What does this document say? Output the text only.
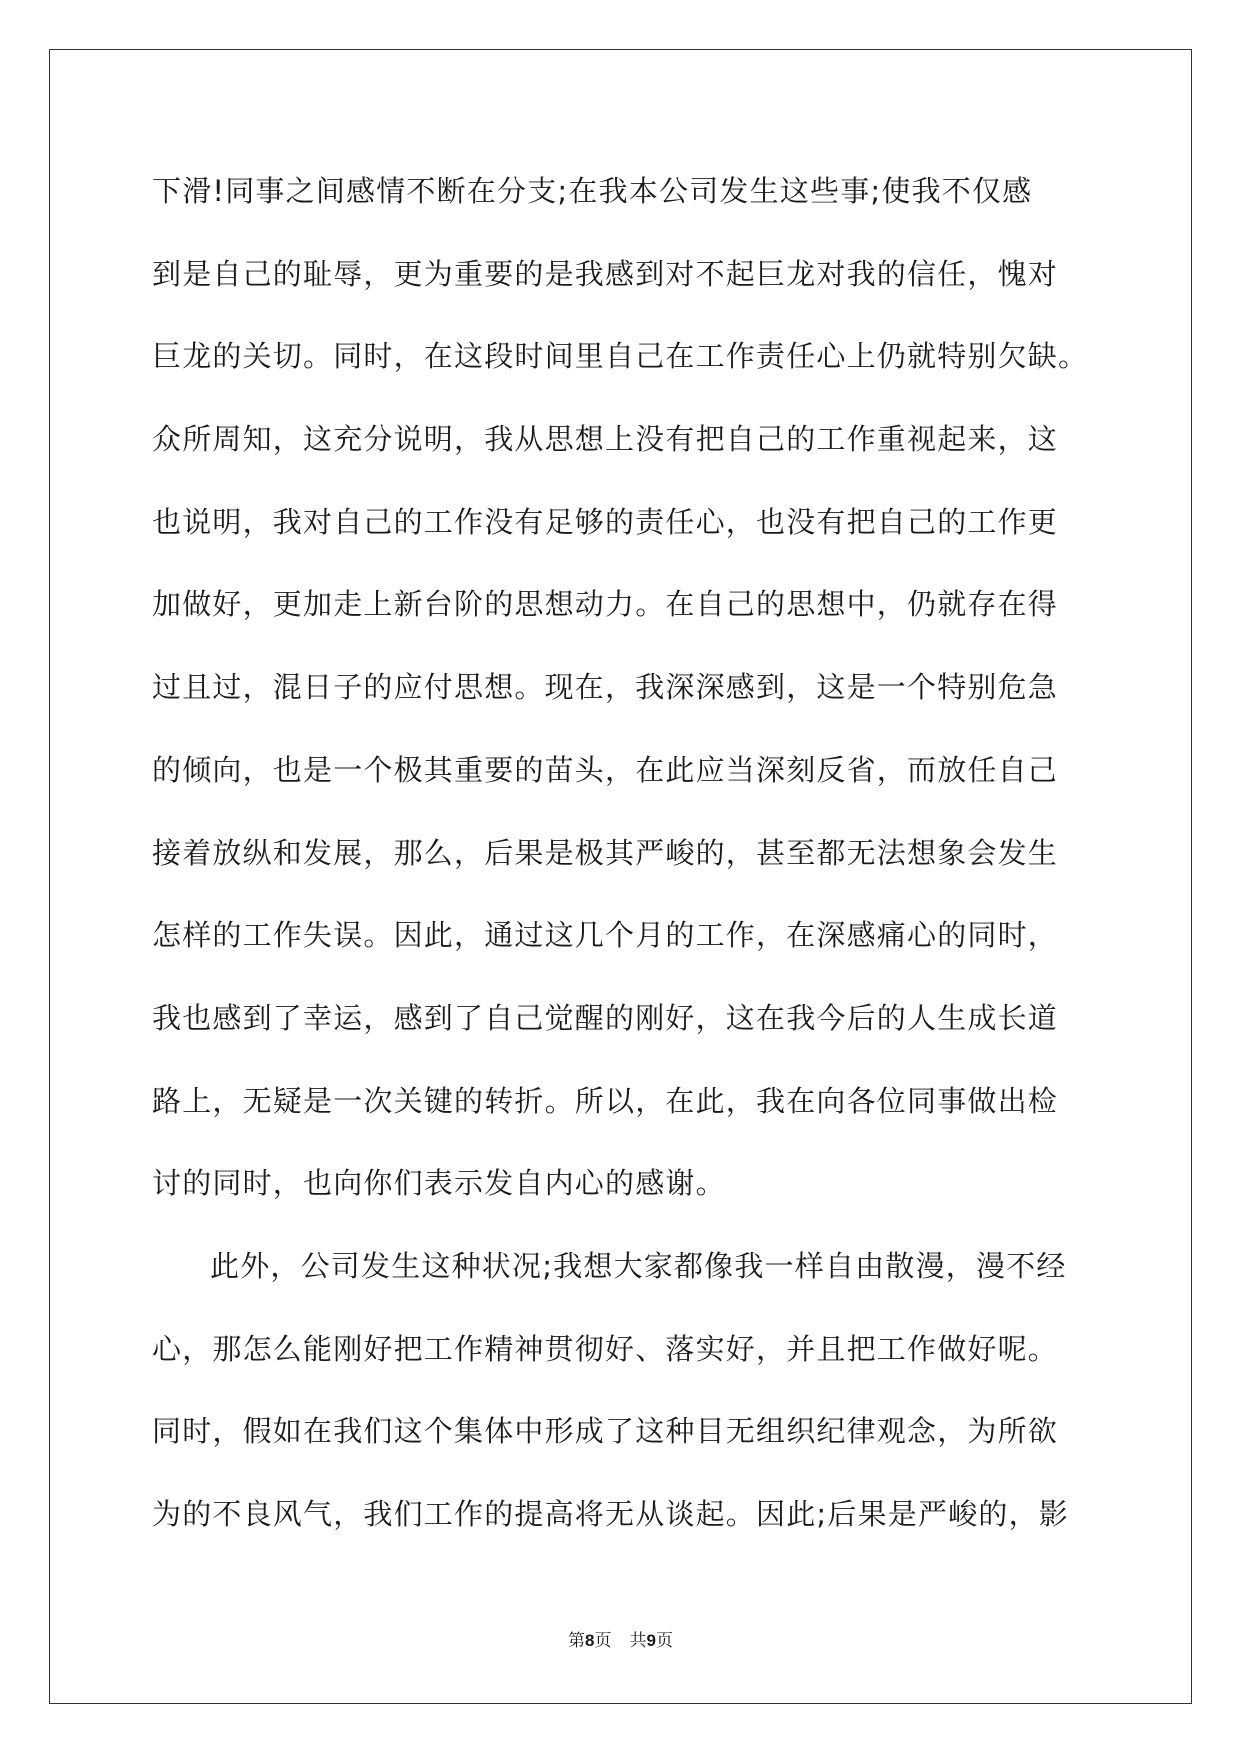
下滑!同事之间感情不断在分支;在我本公司发生这些事;使我不仅感
到是自己的耻辱，更为重要的是我感到对不起巨龙对我的信任，愧对
巨龙的关切。同时，在这段时间里自己在工作责任心上仍就特别欠缺。
众所周知，这充分说明，我从思想上没有把自己的工作重视起来，这
也说明，我对自己的工作没有足够的责任心，也没有把自己的工作更
加做好，更加走上新台阶的思想动力。在自己的思想中，仍就存在得
过且过，混日子的应付思想。现在，我深深感到，这是一个特别危急
的倾向，也是一个极其重要的苗头，在此应当深刻反省，而放任自己
接着放纵和发展，那么，后果是极其严峻的，甚至都无法想象会发生
怎样的工作失误。因此，通过这几个月的工作，在深感痛心的同时，
我也感到了幸运，感到了自己觉醒的刚好，这在我今后的人生成长道
路上，无疑是一次关键的转折。所以，在此，我在向各位同事做出检
讨的同时，也向你们表示发自内心的感谢。
此外，公司发生这种状况;我想大家都像我一样自由散漫，漫不经
心，那怎么能刚好把工作精神贯彻好、落实好，并且把工作做好呢。
同时，假如在我们这个集体中形成了这种目无组织纪律观念，为所欲
为的不良风气，我们工作的提高将无从谈起。因此;后果是严峻的，影
第8页 共9页
